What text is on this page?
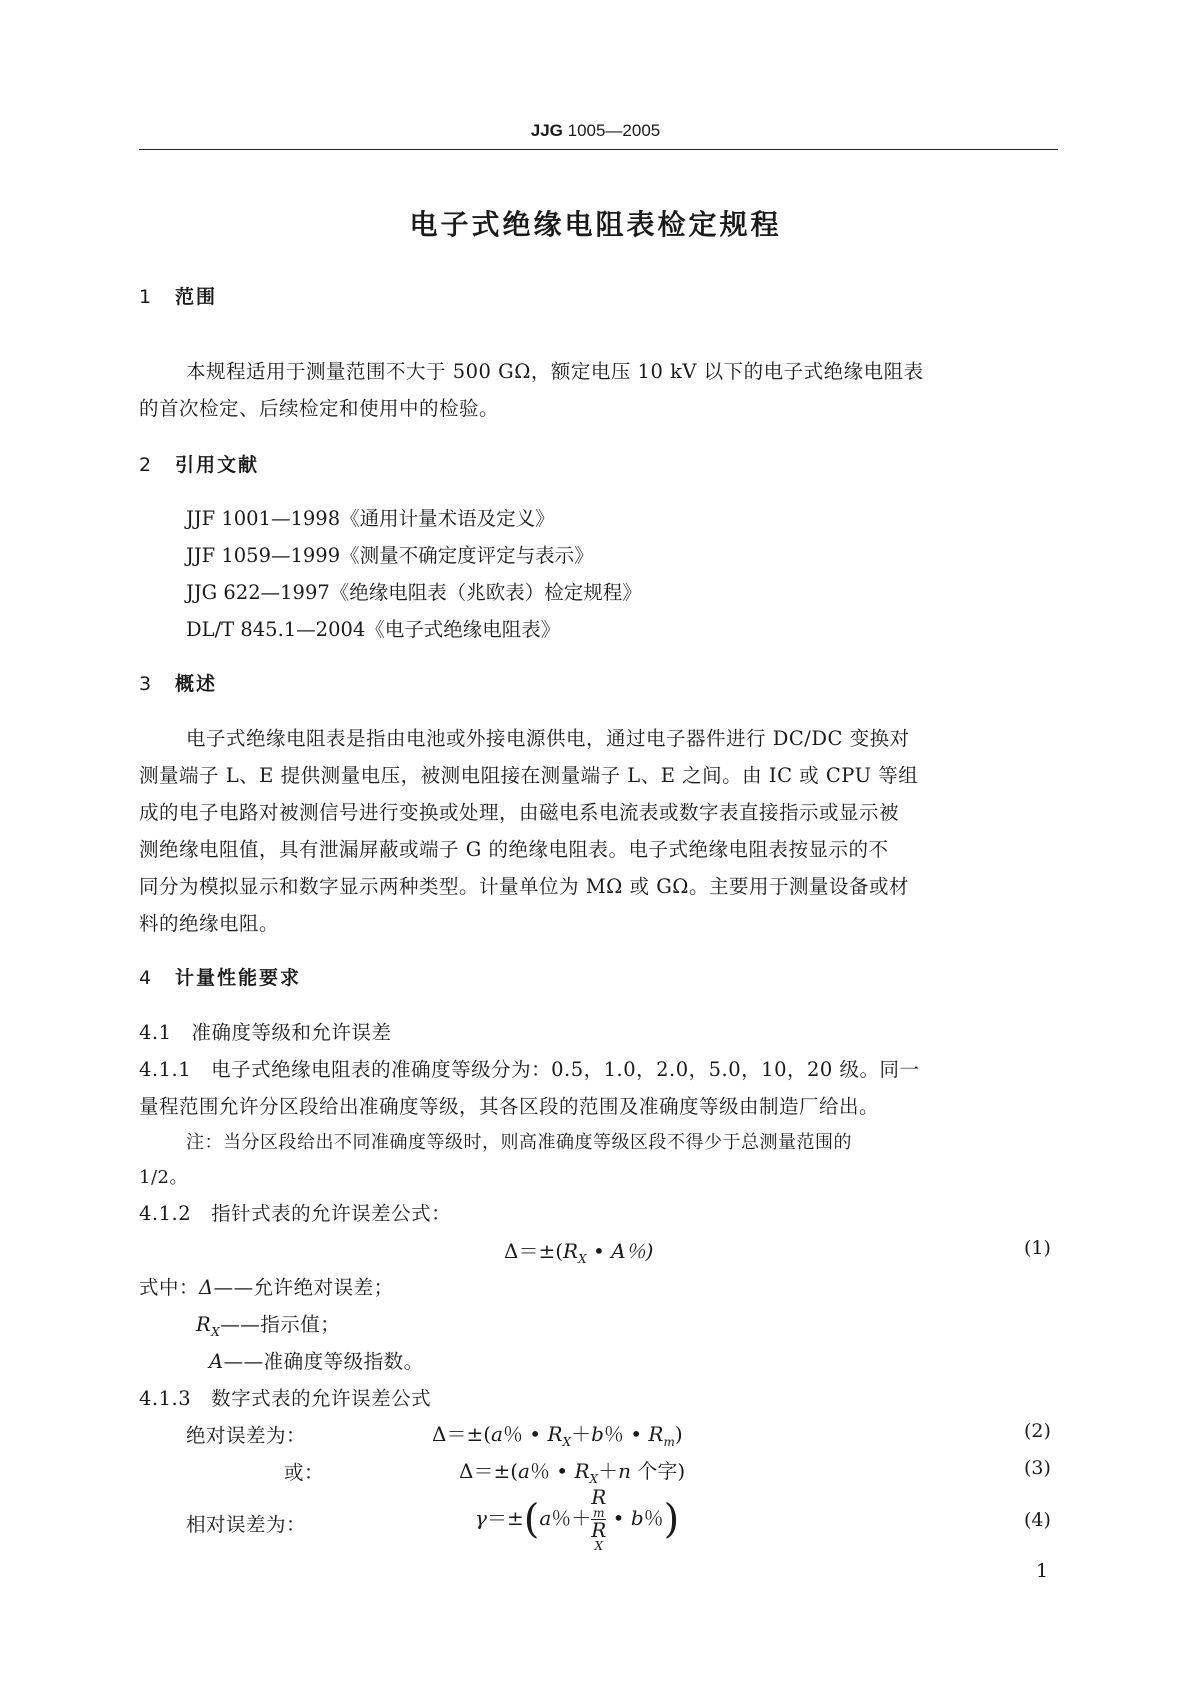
JJG 1005—2005
电子式绝缘电阻表检定规程
1 范围
本规程适用于测量范围不大于 500 GΩ，额定电压 10 kV 以下的电子式绝缘电阻表
的首次检定、后续检定和使用中的检验。
2 引用文献
JJF 1001—1998《通用计量术语及定义》
JJF 1059—1999《测量不确定度评定与表示》
JJG 622—1997《绝缘电阻表（兆欧表）检定规程》
DL/T 845.1—2004《电子式绝缘电阻表》
3 概述
电子式绝缘电阻表是指由电池或外接电源供电，通过电子器件进行 DC/DC 变换对
测量端子 L、E 提供测量电压，被测电阻接在测量端子 L、E 之间。由 IC 或 CPU 等组
成的电子电路对被测信号进行变换或处理，由磁电系电流表或数字表直接指示或显示被
测绝缘电阻值，具有泄漏屏蔽或端子 G 的绝缘电阻表。电子式绝缘电阻表按显示的不
同分为模拟显示和数字显示两种类型。计量单位为 MΩ 或 GΩ。主要用于测量设备或材
料的绝缘电阻。
4 计量性能要求
4.1　准确度等级和允许误差
4.1.1　电子式绝缘电阻表的准确度等级分为：0.5，1.0，2.0，5.0，10，20 级。同一
量程范围允许分区段给出准确度等级，其各区段的范围及准确度等级由制造厂给出。
注：当分区段给出不同准确度等级时，则高准确度等级区段不得少于总测量范围的
1/2。
4.1.2　指针式表的允许误差公式：
$\Delta=\pm(R_X$ • A％)	(1)
式中：Δ——允许绝对误差；
$R_X——$指示值；
A——准确度等级指数。
4.1.3　数字式表的允许误差公式
绝对误差为：	Δ＝±(a％ • $R_X+b$％ • $R_m$)	(2)
或：	Δ＝±(a％ • $R_X+n$ 个字)	(3)
相对误差为：	γ＝±(a％＋ R
m
R
X • b％)	(4)
1
